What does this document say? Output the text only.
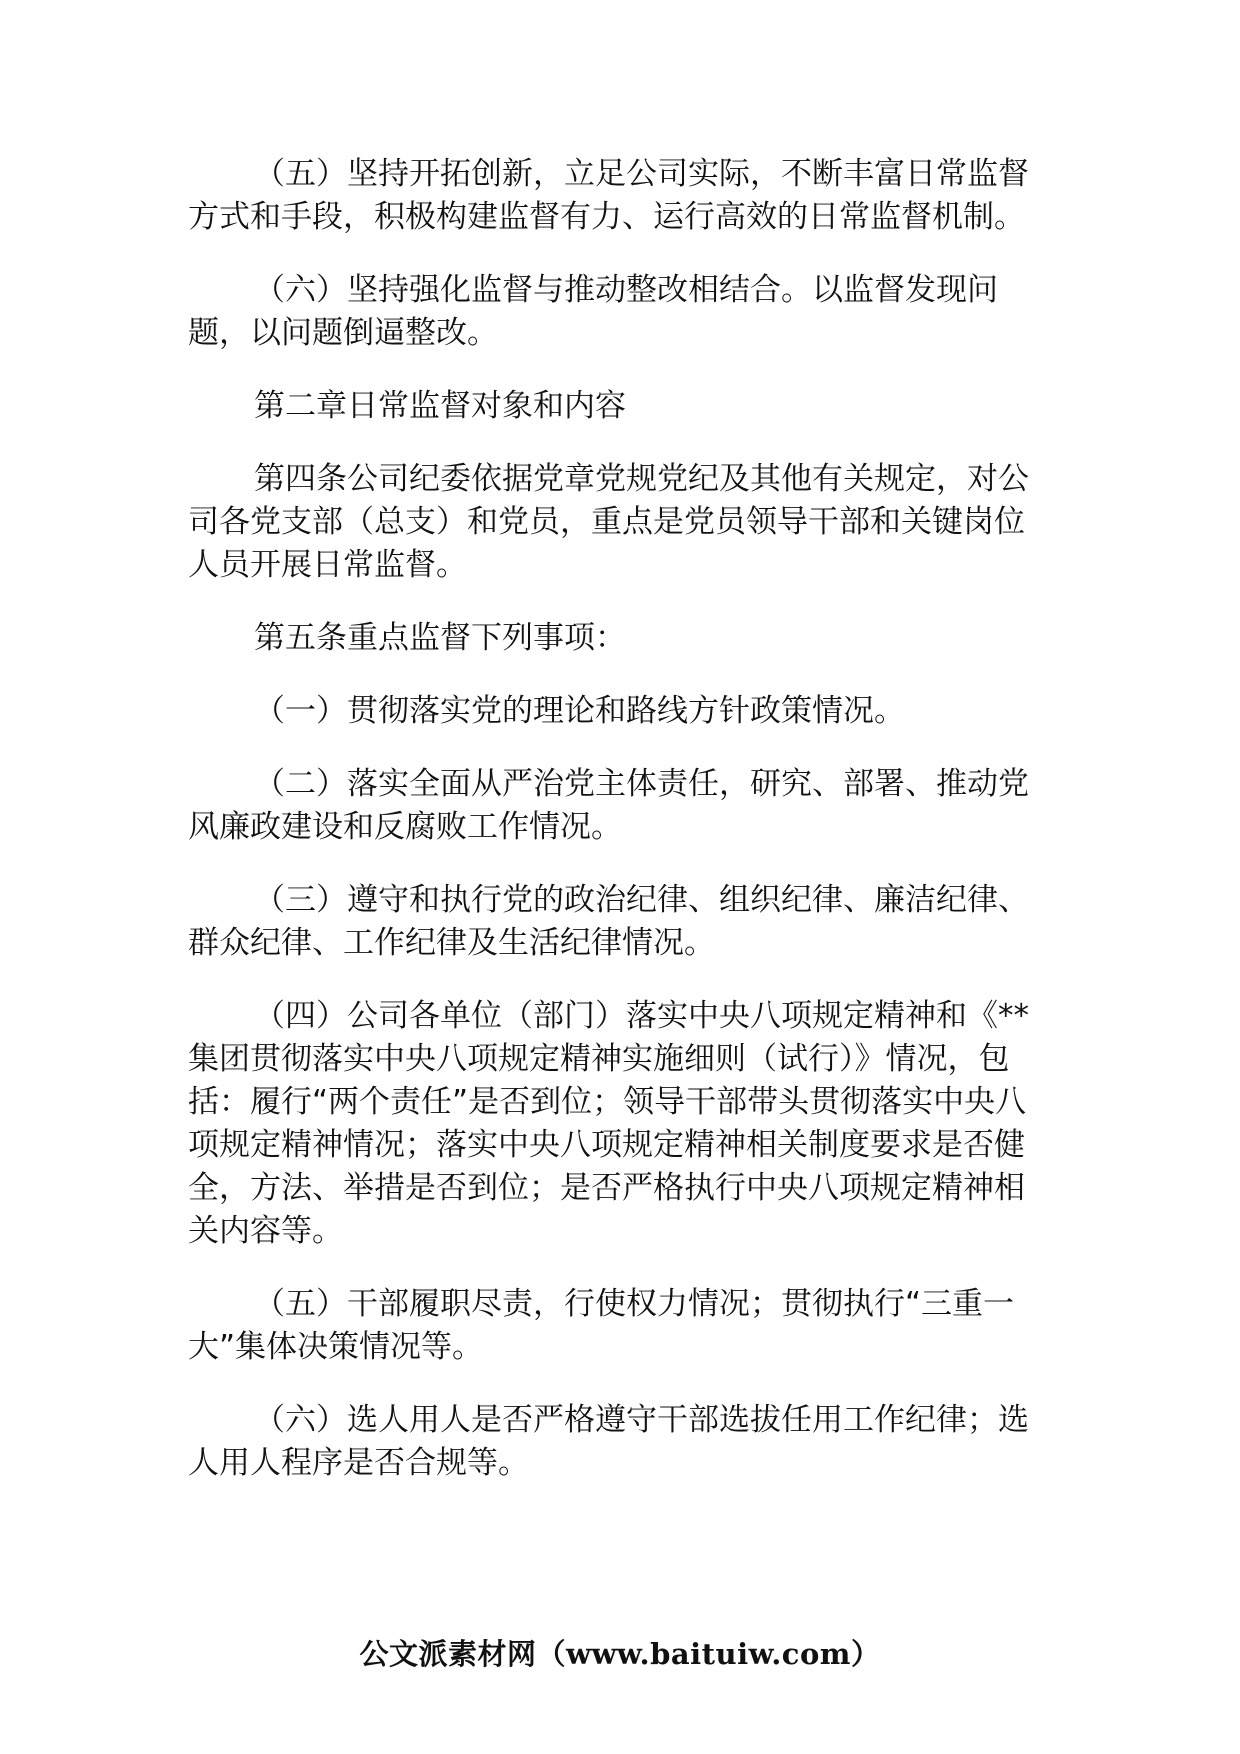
（五）坚持开拓创新，立足公司实际，不断丰富日常监督方式和手段，积极构建监督有力、运行高效的日常监督机制。

（六）坚持强化监督与推动整改相结合。以监督发现问题，以问题倒逼整改。

第二章日常监督对象和内容

第四条公司纪委依据党章党规党纪及其他有关规定，对公司各党支部（总支）和党员，重点是党员领导干部和关键岗位人员开展日常监督。

第五条重点监督下列事项：

（一）贯彻落实党的理论和路线方针政策情况。

（二）落实全面从严治党主体责任，研究、部署、推动党风廉政建设和反腐败工作情况。

（三）遵守和执行党的政治纪律、组织纪律、廉洁纪律、群众纪律、工作纪律及生活纪律情况。

（四）公司各单位（部门）落实中央八项规定精神和《**集团贯彻落实中央八项规定精神实施细则（试行）》情况，包括：履行“两个责任”是否到位；领导干部带头贯彻落实中央八项规定精神情况；落实中央八项规定精神相关制度要求是否健全，方法、举措是否到位；是否严格执行中央八项规定精神相关内容等。

（五）干部履职尽责，行使权力情况；贯彻执行“三重一大”集体决策情况等。

（六）选人用人是否严格遵守干部选拔任用工作纪律；选人用人程序是否合规等。

公文派素材网（www.baituiw.com）
